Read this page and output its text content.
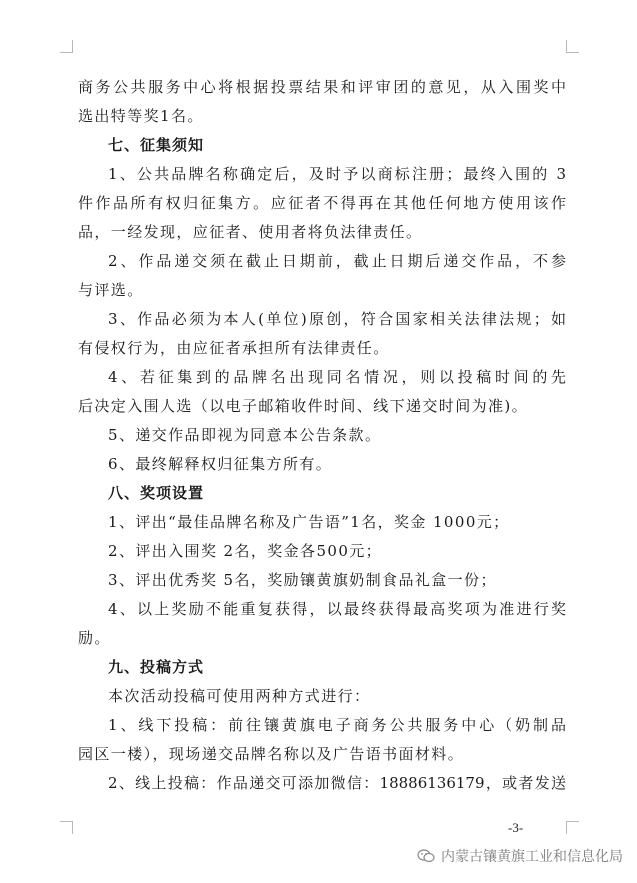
商务公共服务中心将根据投票结果和评审团的意见，从入围奖中
选出特等奖1名。
七、征集须知
1、公共品牌名称确定后，及时予以商标注册；最终入围的 3
件作品所有权归征集方。应征者不得再在其他任何地方使用该作
品，一经发现，应征者、使用者将负法律责任。
2、作品递交须在截止日期前，截止日期后递交作品，不参
与评选。
3、作品必须为本人(单位)原创，符合国家相关法律法规；如
有侵权行为，由应征者承担所有法律责任。
4、若征集到的品牌名出现同名情况，则以投稿时间的先
后决定入围人选（以电子邮箱收件时间、线下递交时间为准)。
5、递交作品即视为同意本公告条款。
6、最终解释权归征集方所有。
八、奖项设置
1、评出“最佳品牌名称及广告语”1名，奖金 1000元；
2、评出入围奖 2名，奖金各500元；
3、评出优秀奖 5名，奖励镶黄旗奶制食品礼盒一份；
4、以上奖励不能重复获得，以最终获得最高奖项为准进行奖
励。
九、投稿方式
本次活动投稿可使用两种方式进行：
1、线下投稿：前往镶黄旗电子商务公共服务中心（奶制品
园区一楼），现场递交品牌名称以及广告语书面材料。
2、线上投稿：作品递交可添加微信：18886136179，或者发送
-3-
内蒙古镶黄旗工业和信息化局
